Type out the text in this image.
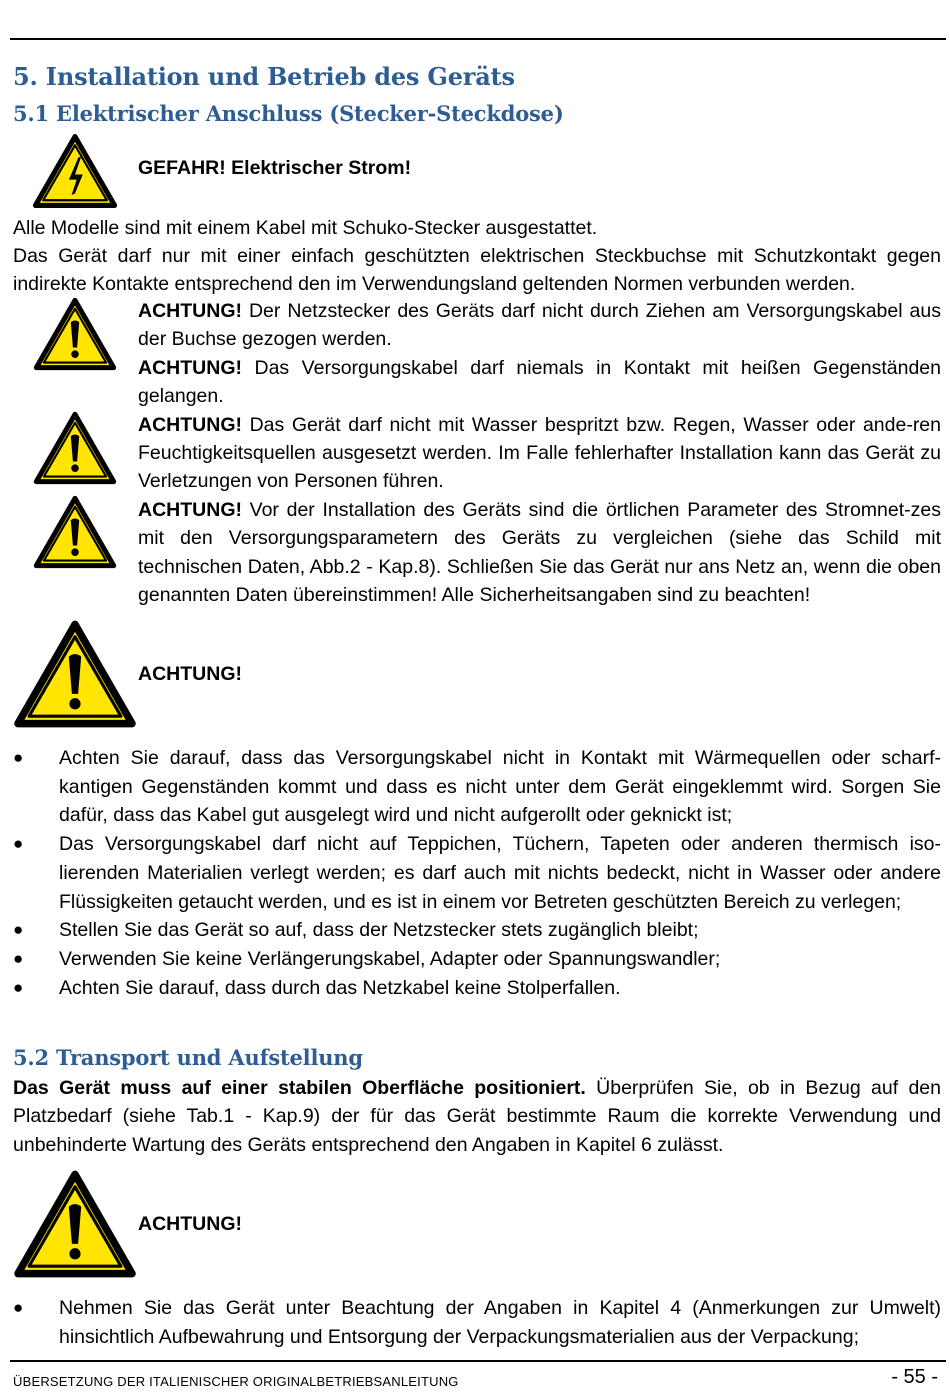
5. Installation und Betrieb des Geräts
5.1 Elektrischer Anschluss (Stecker-Steckdose)
GEFAHR! Elektrischer Strom!
Alle Modelle sind mit einem Kabel mit Schuko-Stecker ausgestattet.
Das Gerät darf nur mit einer einfach geschützten elektrischen Steckbuchse mit Schutzkontakt gegen
indirekte Kontakte entsprechend den im Verwendungsland geltenden Normen verbunden werden.
ACHTUNG! Der Netzstecker des Geräts darf nicht durch Ziehen am Versorgungskabel aus der Buchse gezogen werden.
ACHTUNG! Das Versorgungskabel darf niemals in Kontakt mit heißen Gegenständen gelangen.
ACHTUNG! Das Gerät darf nicht mit Wasser bespritzt bzw. Regen, Wasser oder ande-ren Feuchtigkeitsquellen ausgesetzt werden. Im Falle fehlerhafter Installation kann das Gerät zu Verletzungen von Personen führen.
ACHTUNG! Vor der Installation des Geräts sind die örtlichen Parameter des Stromnet-zes mit den Versorgungsparametern des Geräts zu vergleichen (siehe das Schild mit technischen Daten, Abb.2 - Kap.8). Schließen Sie das Gerät nur ans Netz an, wenn die oben genannten Daten übereinstimmen! Alle Sicherheitsangaben sind zu beachten!
ACHTUNG!
● Achten Sie darauf, dass das Versorgungskabel nicht in Kontakt mit Wärmequellen oder scharf-kantigen Gegenständen kommt und dass es nicht unter dem Gerät eingeklemmt wird. Sorgen Sie dafür, dass das Kabel gut ausgelegt wird und nicht aufgerollt oder geknickt ist;
● Das Versorgungskabel darf nicht auf Teppichen, Tüchern, Tapeten oder anderen thermisch iso-lierenden Materialien verlegt werden; es darf auch mit nichts bedeckt, nicht in Wasser oder andere Flüssigkeiten getaucht werden, und es ist in einem vor Betreten geschützten Bereich zu verlegen;
● Stellen Sie das Gerät so auf, dass der Netzstecker stets zugänglich bleibt;
● Verwenden Sie keine Verlängerungskabel, Adapter oder Spannungswandler;
● Achten Sie darauf, dass durch das Netzkabel keine Stolperfallen.
5.2 Transport und Aufstellung
Das Gerät muss auf einer stabilen Oberfläche positioniert. Überprüfen Sie, ob in Bezug auf den Platzbedarf (siehe Tab.1 - Kap.9) der für das Gerät bestimmte Raum die korrekte Verwendung und unbehinderte Wartung des Geräts entsprechend den Angaben in Kapitel 6 zulässt.
ACHTUNG!
● Nehmen Sie das Gerät unter Beachtung der Angaben in Kapitel 4 (Anmerkungen zur Umwelt) hinsichtlich Aufbewahrung und Entsorgung der Verpackungsmaterialien aus der Verpackung;
ÜBERSETZUNG DER ITALIENISCHER ORIGINALBETRIEBSANLEITUNG	- 55 -
